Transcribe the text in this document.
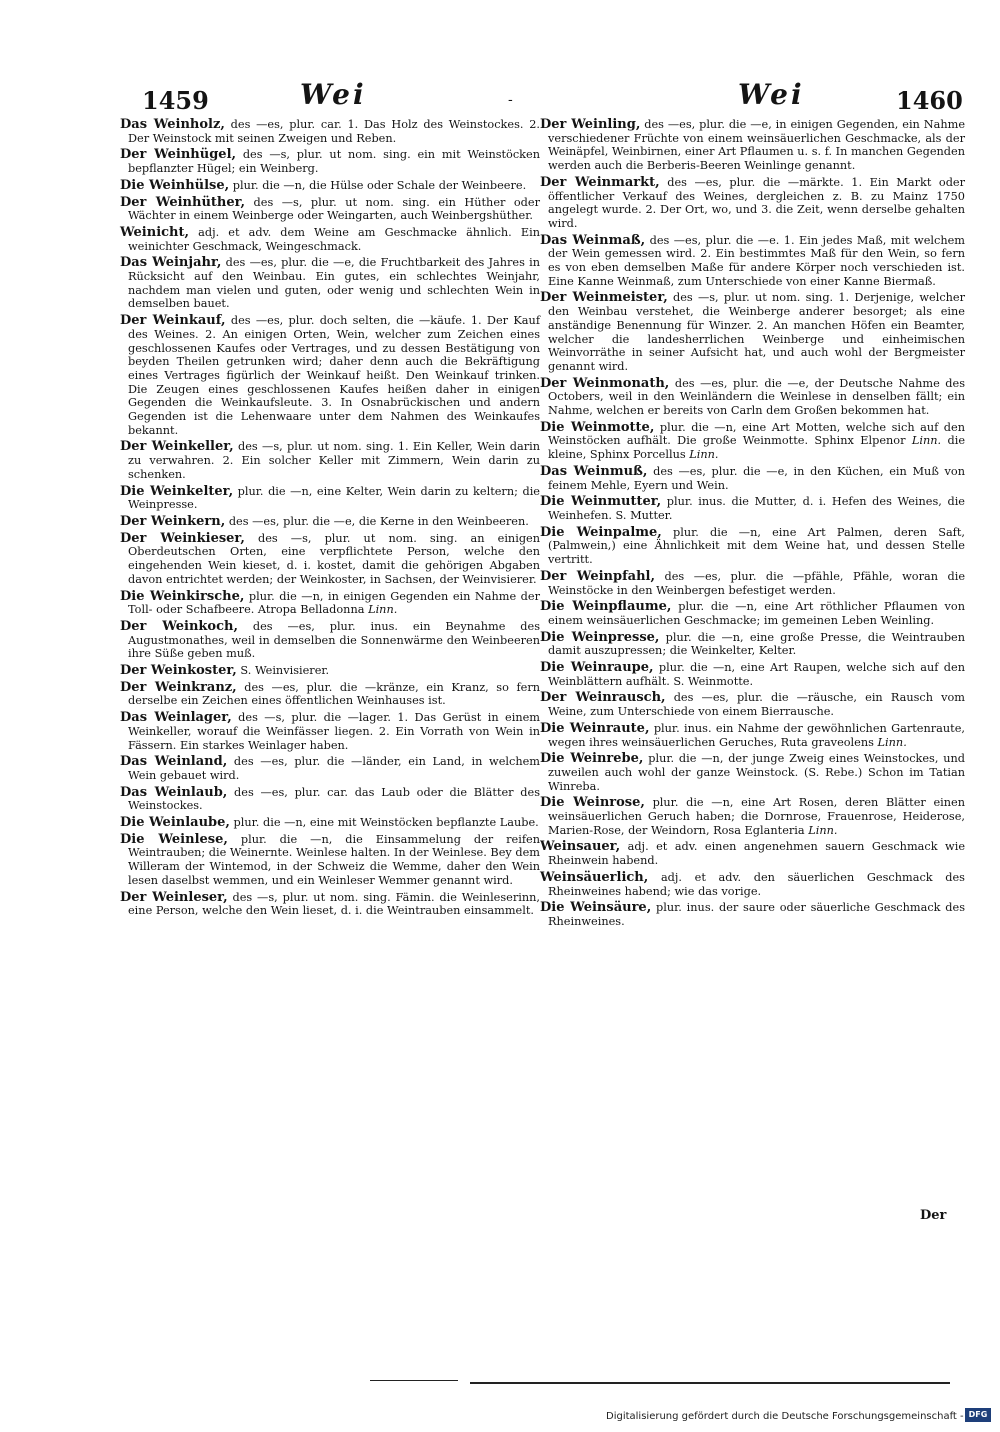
1459	Wei	-	Wei	1460

Das Weinholz, des —es, plur. car. 1. Das Holz des Weinstockes. 2. Der Weinstock mit seinen Zweigen und Reben.

Der Weinhügel, des —s, plur. ut nom. sing. ein mit Weinstöcken bepflanzter Hügel; ein Weinberg.

Die Weinhülse, plur. die —n, die Hülse oder Schale der Weinbeere.

Der Weinhüther, des —s, plur. ut nom. sing. ein Hüther oder Wächter in einem Weinberge oder Weingarten, auch Weinbergshüther.

Weinicht, adj. et adv. dem Weine am Geschmacke ähnlich. Ein weinichter Geschmack, Weingeschmack.

Das Weinjahr, des —es, plur. die —e, die Fruchtbarkeit des Jahres in Rücksicht auf den Weinbau. Ein gutes, ein schlechtes Weinjahr, nachdem man vielen und guten, oder wenig und schlechten Wein in demselben bauet.

Der Weinkauf, des —es, plur. doch selten, die —käufe. 1. Der Kauf des Weines. 2. An einigen Orten, Wein, welcher zum Zeichen eines geschlossenen Kaufes oder Vertrages, und zu dessen Bestätigung von beyden Theilen getrunken wird; daher denn auch die Bekräftigung eines Vertrages figürlich der Weinkauf heißt. Den Weinkauf trinken. Die Zeugen eines geschlossenen Kaufes heißen daher in einigen Gegenden die Weinkaufsleute. 3. In Osnabrückischen und andern Gegenden ist die Lehenwaare unter dem Nahmen des Weinkaufes bekannt.

Der Weinkeller, des —s, plur. ut nom. sing. 1. Ein Keller, Wein darin zu verwahren. 2. Ein solcher Keller mit Zimmern, Wein darin zu schenken.

Die Weinkelter, plur. die —n, eine Kelter, Wein darin zu keltern; die Weinpresse.

Der Weinkern, des —es, plur. die —e, die Kerne in den Weinbeeren.

Der Weinkieser, des —s, plur. ut nom. sing. an einigen Oberdeutschen Orten, eine verpflichtete Person, welche den eingehenden Wein kieset, d. i. kostet, damit die gehörigen Abgaben davon entrichtet werden; der Weinkoster, in Sachsen, der Weinvisierer.

Die Weinkirsche, plur. die —n, in einigen Gegenden ein Nahme der Toll- oder Schafbeere. Atropa Belladonna Linn.

Der Weinkoch, des —es, plur. inus. ein Beynahme des Augustmonathes, weil in demselben die Sonnenwärme den Weinbeeren ihre Süße geben muß.

Der Weinkoster, S. Weinvisierer.

Der Weinkranz, des —es, plur. die —kränze, ein Kranz, so fern derselbe ein Zeichen eines öffentlichen Weinhauses ist.

Das Weinlager, des —s, plur. die —lager. 1. Das Gerüst in einem Weinkeller, worauf die Weinfässer liegen. 2. Ein Vorrath von Wein in Fässern. Ein starkes Weinlager haben.

Das Weinland, des —es, plur. die —länder, ein Land, in welchem Wein gebauet wird.

Das Weinlaub, des —es, plur. car. das Laub oder die Blätter des Weinstockes.

Die Weinlaube, plur. die —n, eine mit Weinstöcken bepflanzte Laube.

Die Weinlese, plur. die —n, die Einsammelung der reifen Weintrauben; die Weinernte. Weinlese halten. In der Weinlese. Bey dem Willeram der Wintemod, in der Schweiz die Wemme, daher den Wein lesen daselbst wemmen, und ein Weinleser Wemmer genannt wird.

Der Weinleser, des —s, plur. ut nom. sing. Fämin. die Weinleserinn, eine Person, welche den Wein lieset, d. i. die Weintrauben einsammelt.

Der Weinling, des —es, plur. die —e, in einigen Gegenden, ein Nahme verschiedener Früchte von einem weinsäuerlichen Geschmacke, als der Weinäpfel, Weinbirnen, einer Art Pflaumen u. s. f. In manchen Gegenden werden auch die Berberis-Beeren Weinlinge genannt.

Der Weinmarkt, des —es, plur. die —märkte. 1. Ein Markt oder öffentlicher Verkauf des Weines, dergleichen z. B. zu Mainz 1750 angelegt wurde. 2. Der Ort, wo, und 3. die Zeit, wenn derselbe gehalten wird.

Das Weinmaß, des —es, plur. die —e. 1. Ein jedes Maß, mit welchem der Wein gemessen wird. 2. Ein bestimmtes Maß für den Wein, so fern es von eben demselben Maße für andere Körper noch verschieden ist. Eine Kanne Weinmaß, zum Unterschiede von einer Kanne Biermaß.

Der Weinmeister, des —s, plur. ut nom. sing. 1. Derjenige, welcher den Weinbau verstehet, die Weinberge anderer besorget; als eine anständige Benennung für Winzer. 2. An manchen Höfen ein Beamter, welcher die landesherrlichen Weinberge und einheimischen Weinvorräthe in seiner Aufsicht hat, und auch wohl der Bergmeister genannt wird.

Der Weinmonath, des —es, plur. die —e, der Deutsche Nahme des Octobers, weil in den Weinländern die Weinlese in denselben fällt; ein Nahme, welchen er bereits von Carln dem Großen bekommen hat.

Die Weinmotte, plur. die —n, eine Art Motten, welche sich auf den Weinstöcken aufhält. Die große Weinmotte. Sphinx Elpenor Linn. die kleine, Sphinx Porcellus Linn.

Das Weinmuß, des —es, plur. die —e, in den Küchen, ein Muß von feinem Mehle, Eyern und Wein.

Die Weinmutter, plur. inus. die Mutter, d. i. Hefen des Weines, die Weinhefen. S. Mutter.

Die Weinpalme, plur. die —n, eine Art Palmen, deren Saft, (Palmwein,) eine Ähnlichkeit mit dem Weine hat, und dessen Stelle vertritt.

Der Weinpfahl, des —es, plur. die —pfähle, Pfähle, woran die Weinstöcke in den Weinbergen befestiget werden.

Die Weinpflaume, plur. die —n, eine Art röthlicher Pflaumen von einem weinsäuerlichen Geschmacke; im gemeinen Leben Weinling.

Die Weinpresse, plur. die —n, eine große Presse, die Weintrauben damit auszupressen; die Weinkelter, Kelter.

Die Weinraupe, plur. die —n, eine Art Raupen, welche sich auf den Weinblättern aufhält. S. Weinmotte.

Der Weinrausch, des —es, plur. die —räusche, ein Rausch vom Weine, zum Unterschiede von einem Bierrausche.

Die Weinraute, plur. inus. ein Nahme der gewöhnlichen Gartenraute, wegen ihres weinsäuerlichen Geruches, Ruta graveolens Linn.

Die Weinrebe, plur. die —n, der junge Zweig eines Weinstockes, und zuweilen auch wohl der ganze Weinstock. (S. Rebe.) Schon im Tatian Winreba.

Die Weinrose, plur. die —n, eine Art Rosen, deren Blätter einen weinsäuerlichen Geruch haben; die Dornrose, Frauenrose, Heiderose, Marien-Rose, der Weindorn, Rosa Eglanteria Linn.

Weinsauer, adj. et adv. einen angenehmen sauern Geschmack wie Rheinwein habend.

Weinsäuerlich, adj. et adv. den säuerlichen Geschmack des Rheinweines habend; wie das vorige.

Die Weinsäure, plur. inus. der saure oder säuerliche Geschmack des Rheinweines.

Der
Digitalisierung gefördert durch die Deutsche Forschungsgemeinschaft - DFG
